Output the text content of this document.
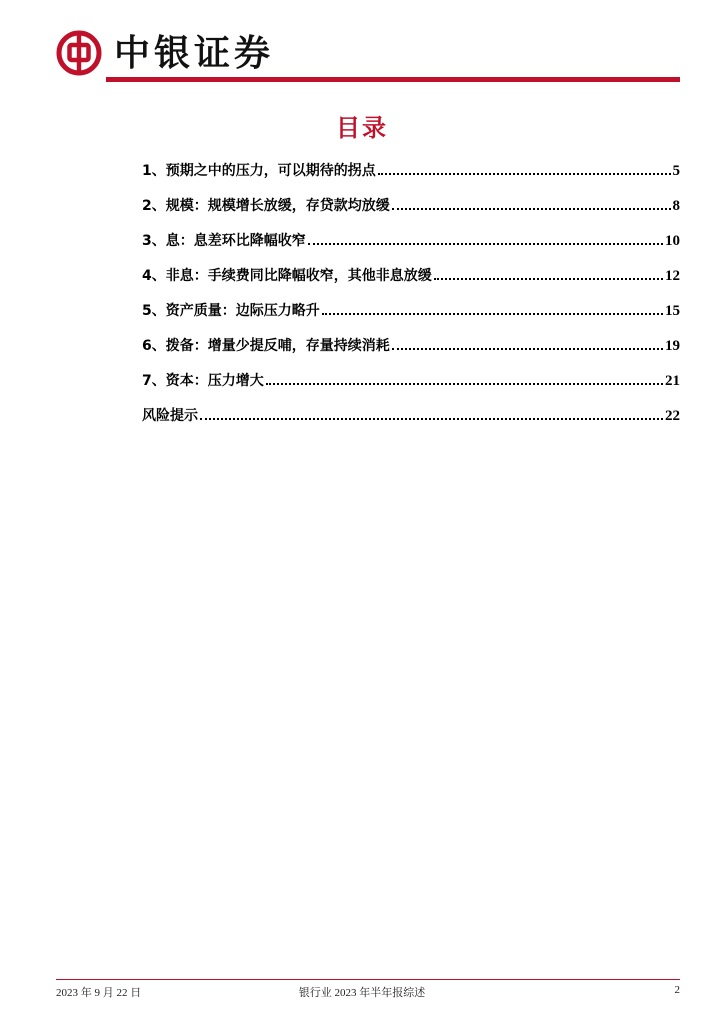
中银证券
目录
1、预期之中的压力，可以期待的拐点	5
2、规模：规模增长放缓，存贷款均放缓	8
3、息：息差环比降幅收窄	10
4、非息：手续费同比降幅收窄，其他非息放缓	12
5、资产质量：边际压力略升	15
6、拨备：增量少提反哺，存量持续消耗	19
7、资本：压力增大	21
风险提示	22
2023 年 9 月 22 日	银行业 2023 年半年报综述	2
